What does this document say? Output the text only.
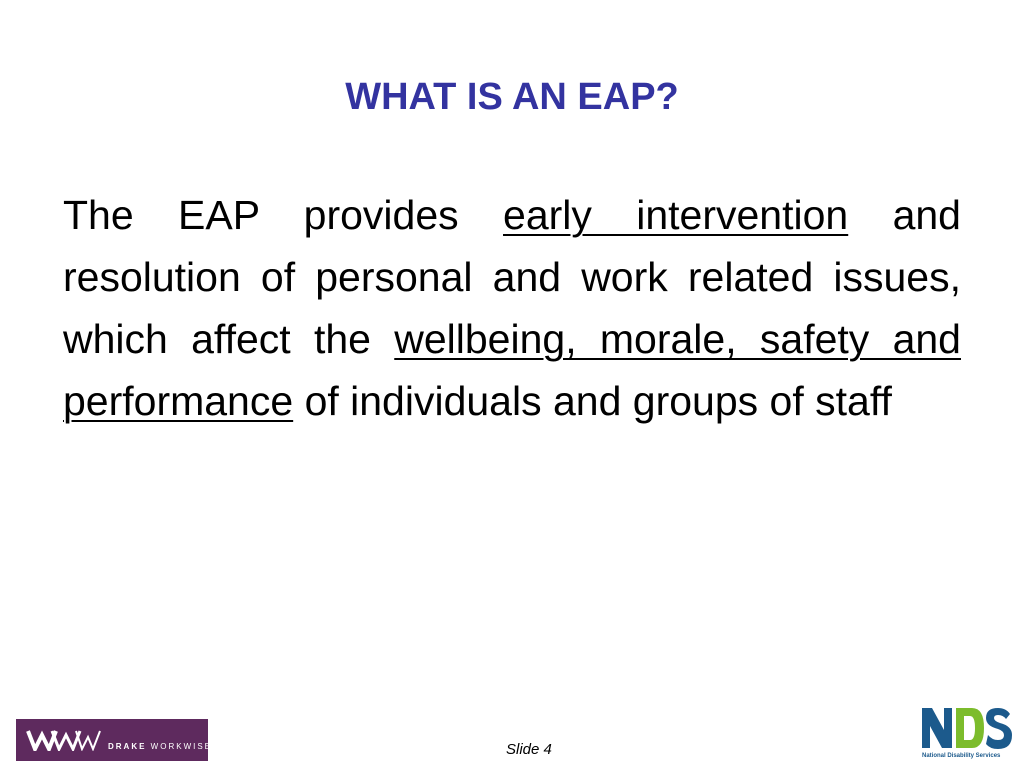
WHAT IS AN EAP?

The EAP provides early intervention and resolution of personal and work related issues, which affect the wellbeing, morale, safety and performance of individuals and groups of staff

DRAKE WORKWISE	Slide 4	National Disability Services
